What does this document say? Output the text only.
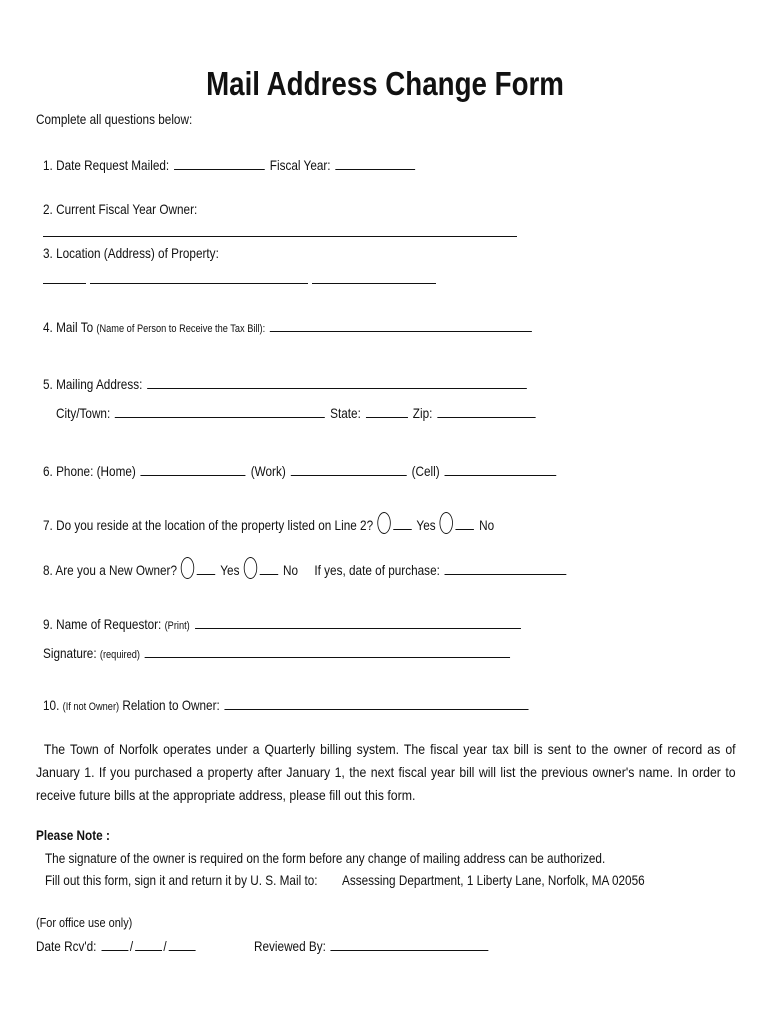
Mail Address Change Form
Complete all questions below:
1. Date Request Mailed:	Fiscal Year:
2. Current Fiscal Year Owner:
3. Location (Address) of Property:
4. Mail To (Name of Person to Receive the Tax Bill):
5. Mailing Address:
City/Town:	State:	Zip:
6. Phone: (Home)	(Work)	(Cell)
7. Do you reside at the location of the property listed on Line 2?	Yes	No
8. Are you a New Owner?	Yes	No If yes, date of purchase:
9. Name of Requestor: (Print)
Signature: (required)
10. (If not Owner) Relation to Owner:
The Town of Norfolk operates under a Quarterly billing system. The fiscal year tax bill is sent to the owner of record as of January 1. If you purchased a property after January 1, the next fiscal year bill will list the previous owner's name. In order to receive future bills at the appropriate address, please fill out this form.
Please Note :
The signature of the owner is required on the form before any change of mailing address can be authorized.
Fill out this form, sign it and return it by U. S. Mail to: Assessing Department, 1 Liberty Lane, Norfolk, MA 02056
(For office use only)
Date Rcv'd: / /	Reviewed By:
